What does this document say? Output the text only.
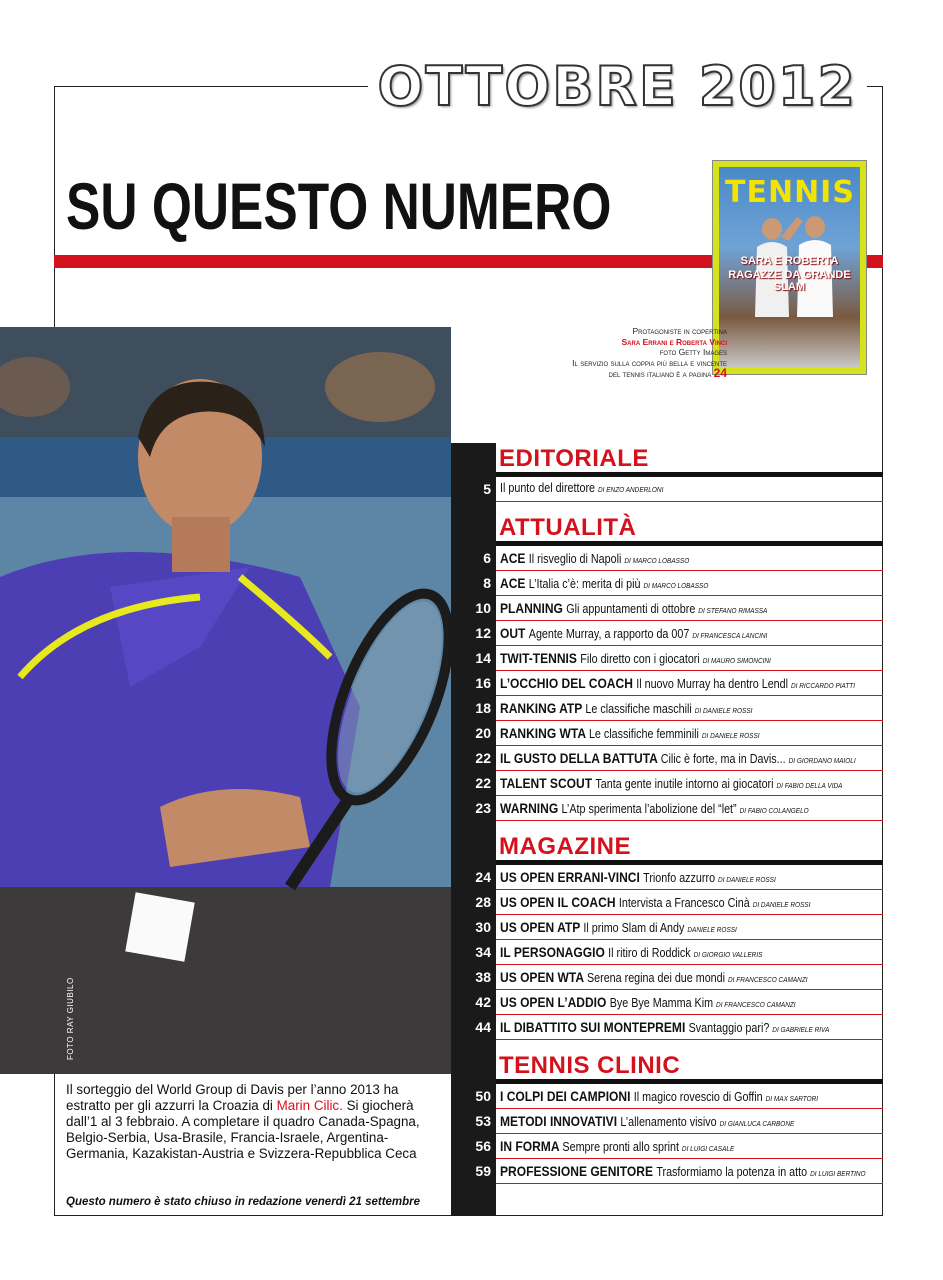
OTTOBRE 2012
SU QUESTO NUMERO	TENNIS
SARA E ROBERTA
RAGAZZE DA GRANDE SLAM
Protagoniste in copertina
Sara Errani e Roberta Vinci
foto Getty Images
Il servizio sulla coppia più bella e vincente
del tennis italiano è a pagina 24
FOTO RAY GIUBILO

Il sorteggio del World Group di Davis per l’anno 2013 ha estratto per gli azzurri la Croazia di Marin Cilic. Si giocherà dall’1 al 3 febbraio. A completare il quadro Canada-Spagna, Belgio-Serbia, Usa-Brasile, Francia-Israele, Argentina-Germania, Kazakistan-Austria e Svizzera-Repubblica Ceca

Questo numero è stato chiuso in redazione venerdì 21 settembre
EDITORIALE
5 Il punto del direttore DI ENZO ANDERLONI
ATTUALITÀ
6 ACE Il risveglio di Napoli DI MARCO LOBASSO
8 ACE L’Italia c’è: merita di più DI MARCO LOBASSO
10 PLANNING Gli appuntamenti di ottobre DI STEFANO RIMASSA
12 OUT Agente Murray, a rapporto da 007 DI FRANCESCA LANCINI
14 TWIT-TENNIS Filo diretto con i giocatori DI MAURO SIMONCINI
16 L’OCCHIO DEL COACH Il nuovo Murray ha dentro Lendl DI RICCARDO PIATTI
18 RANKING ATP Le classifiche maschili DI DANIELE ROSSI
20 RANKING WTA Le classifiche femminili DI DANIELE ROSSI
22 IL GUSTO DELLA BATTUTA Cilic è forte, ma in Davis... DI GIORDANO MAIOLI
22 TALENT SCOUT Tanta gente inutile intorno ai giocatori DI FABIO DELLA VIDA
23 WARNING L’Atp sperimenta l’abolizione del “let” DI FABIO COLANGELO
MAGAZINE
24 US OPEN ERRANI-VINCI Trionfo azzurro DI DANIELE ROSSI
28 US OPEN IL COACH Intervista a Francesco Cinà DI DANIELE ROSSI
30 US OPEN ATP Il primo Slam di Andy DANIELE ROSSI
34 IL PERSONAGGIO Il ritiro di Roddick DI GIORGIO VALLERIS
38 US OPEN WTA Serena regina dei due mondi DI FRANCESCO CAMANZI
42 US OPEN L’ADDIO Bye Bye Mamma Kim DI FRANCESCO CAMANZI
44 IL DIBATTITO SUI MONTEPREMI Svantaggio pari? DI GABRIELE RIVA
TENNIS CLINIC
50 I COLPI DEI CAMPIONI Il magico rovescio di Goffin DI MAX SARTORI
53 METODI INNOVATIVI L’allenamento visivo DI GIANLUCA CARBONE
56 IN FORMA Sempre pronti allo sprint DI LUIGI CASALE
59 PROFESSIONE GENITORE Trasformiamo la potenza in atto DI LUIGI BERTINO
